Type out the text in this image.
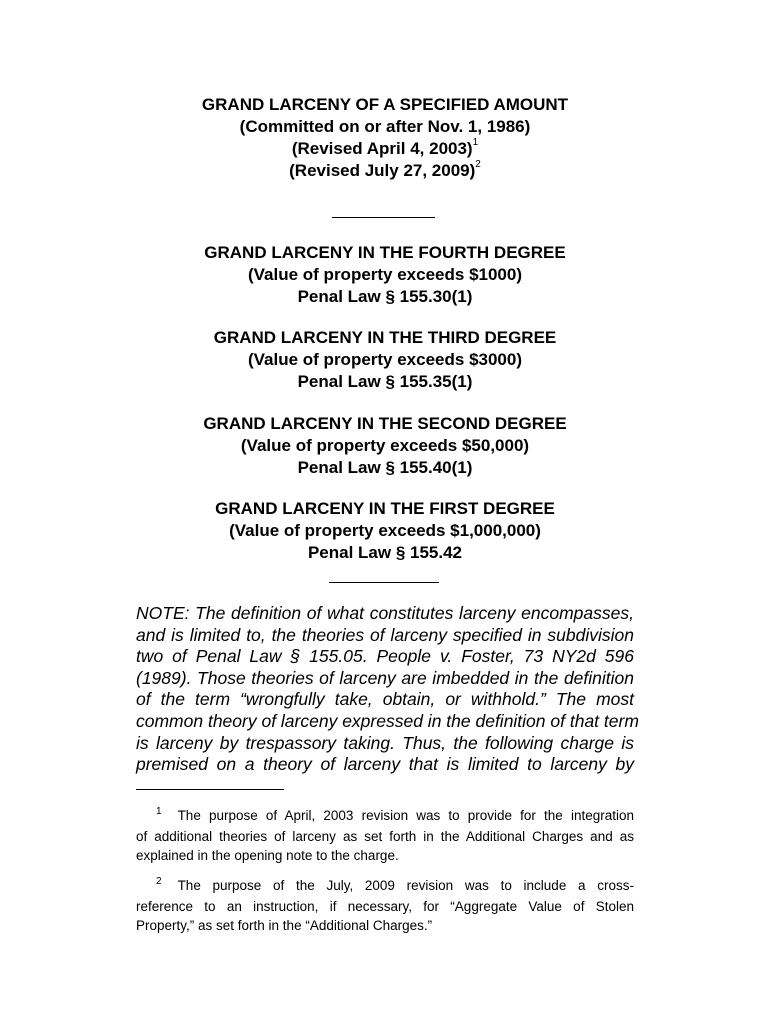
GRAND LARCENY OF A SPECIFIED AMOUNT
(Committed on or after Nov. 1, 1986)
(Revised April 4, 2003)$^1$
(Revised July 27, 2009)$^2$
GRAND LARCENY IN THE FOURTH DEGREE
(Value of property exceeds $1000)
Penal Law § 155.30(1)
GRAND LARCENY IN THE THIRD DEGREE
(Value of property exceeds $3000)
Penal Law § 155.35(1)
GRAND LARCENY IN THE SECOND DEGREE
(Value of property exceeds $50,000)
Penal Law § 155.40(1)
GRAND LARCENY IN THE FIRST DEGREE
(Value of property exceeds $1,000,000)
Penal Law § 155.42
NOTE: The definition of what constitutes larceny encompasses,
and is limited to, the theories of larceny specified in subdivision
two of Penal Law § 155.05. People v. Foster, 73 NY2d 596
(1989). Those theories of larceny are imbedded in the definition
of the term “wrongfully take, obtain, or withhold.” The most
common theory of larceny expressed in the definition of that term
is larceny by trespassory taking. Thus, the following charge is
premised on a theory of larceny that is limited to larceny by
$^1$ The purpose of April, 2003 revision was to provide for the integration
of additional theories of larceny as set forth in the Additional Charges and as
explained in the opening note to the charge.
$^2$ The purpose of the July, 2009 revision was to include a cross-
reference to an instruction, if necessary, for “Aggregate Value of Stolen
Property,” as set forth in the “Additional Charges.”
